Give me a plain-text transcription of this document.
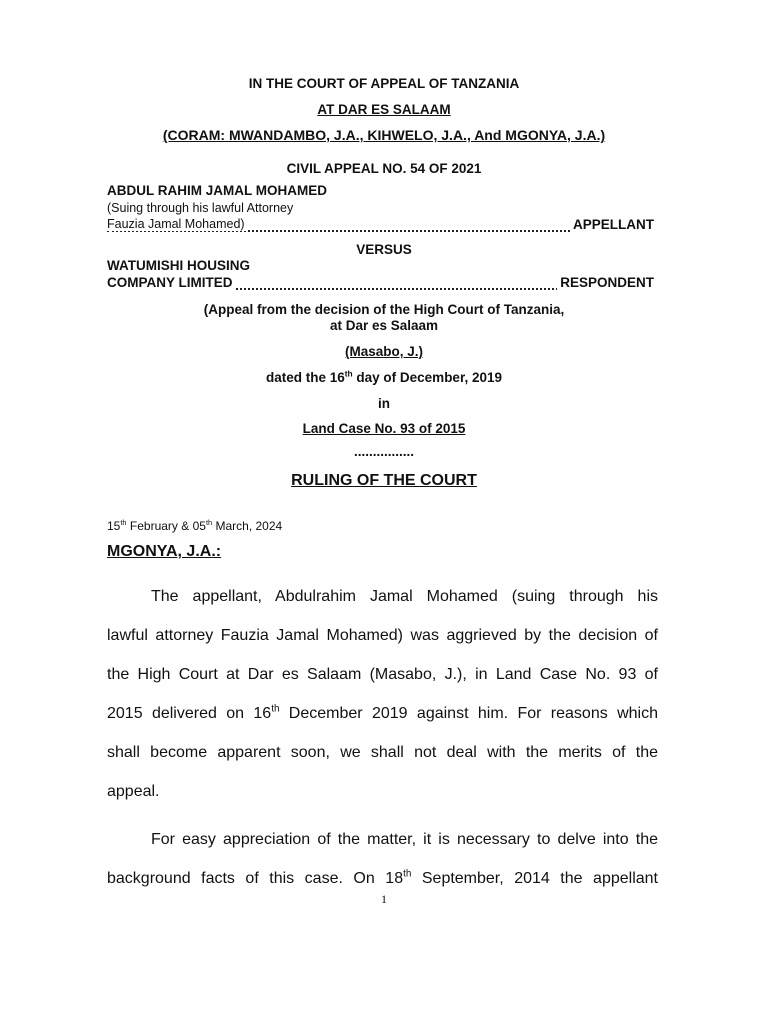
IN THE COURT OF APPEAL OF TANZANIA
AT DAR ES SALAAM
(CORAM: MWANDAMBO, J.A., KIHWELO, J.A., And MGONYA, J.A.)
CIVIL APPEAL NO. 54 OF 2021
ABDUL RAHIM JAMAL MOHAMED
(Suing through his lawful Attorney
Fauzia Jamal Mohamed)	APPELLANT
VERSUS
WATUMISHI HOUSING
COMPANY LIMITED	RESPONDENT
(Appeal from the decision of the High Court of Tanzania,
at Dar es Salaam
(Masabo, J.)
dated the 16th day of December, 2019
in
Land Case No. 93 of 2015
................
RULING OF THE COURT
15th February & 05th March, 2024
MGONYA, J.A.:
The appellant, Abdulrahim Jamal Mohamed (suing through his
lawful attorney Fauzia Jamal Mohamed) was aggrieved by the decision of
the High Court at Dar es Salaam (Masabo, J.), in Land Case No. 93 of
2015 delivered on 16th December 2019 against him. For reasons which
shall become apparent soon, we shall not deal with the merits of the
appeal.
For easy appreciation of the matter, it is necessary to delve into the
background facts of this case. On 18th September, 2014 the appellant
1
